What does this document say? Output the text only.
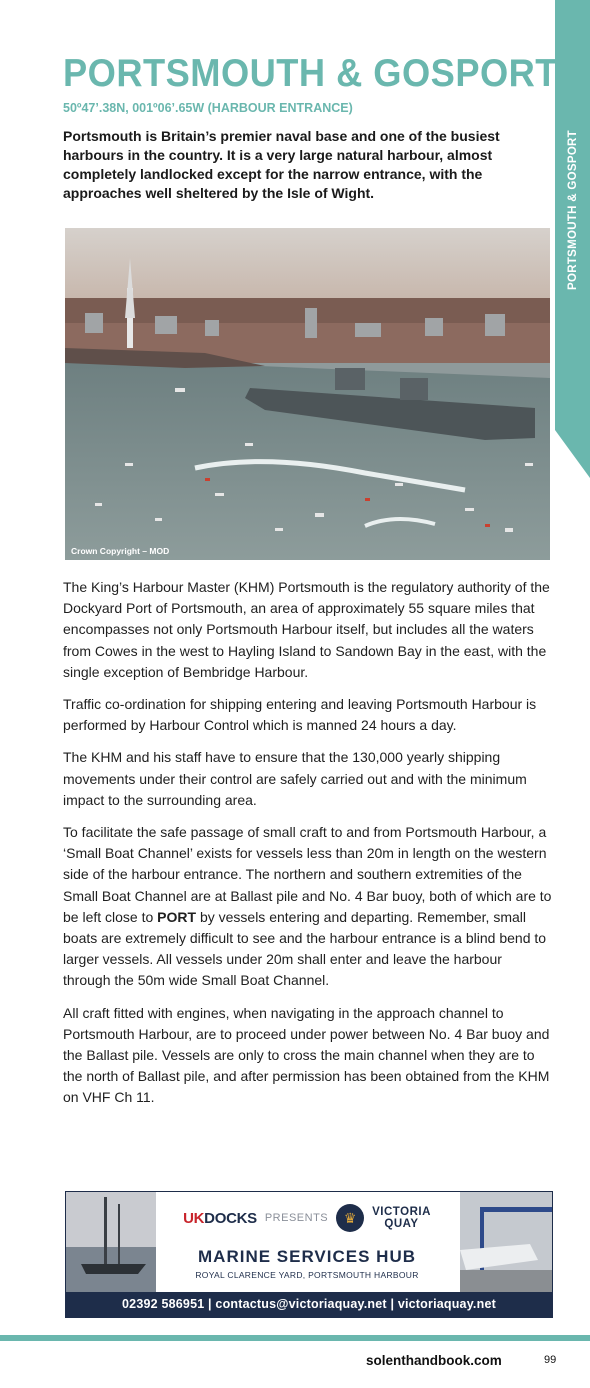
PORTSMOUTH & GOSPORT
PORTSMOUTH & GOSPORT

50º47’.38N, 001º06’.65W (HARBOUR ENTRANCE)

Portsmouth is Britain’s premier naval base and one of the busiest harbours in the country. It is a very large natural harbour, almost completely landlocked except for the narrow entrance, with the approaches well sheltered by the Isle of Wight.

Crown Copyright – MOD

The King’s Harbour Master (KHM) Portsmouth is the regulatory authority of the Dockyard Port of Portsmouth, an area of approximately 55 square miles that encompasses not only Portsmouth Harbour itself, but includes all the waters from Cowes in the west to Hayling Island to Sandown Bay in the east, with the single exception of Bembridge Harbour.

Traffic co-ordination for shipping entering and leaving Portsmouth Harbour is performed by Harbour Control which is manned 24 hours a day.

The KHM and his staff have to ensure that the 130,000 yearly shipping movements under their control are safely carried out and with the minimum impact to the surrounding area.

To facilitate the safe passage of small craft to and from Portsmouth Harbour, a ‘Small Boat Channel’ exists for vessels less than 20m in length on the western side of the harbour entrance. The northern and southern extremities of the Small Boat Channel are at Ballast pile and No. 4 Bar buoy, both of which are to be left close to PORT by vessels entering and departing. Remember, small boats are extremely difficult to see and the harbour entrance is a blind bend to larger vessels. All vessels under 20m shall enter and leave the harbour through the 50m wide Small Boat Channel.

All craft fitted with engines, when navigating in the approach channel to Portsmouth Harbour, are to proceed under power between No. 4 Bar buoy and the Ballast pile. Vessels are only to cross the main channel when they are to the north of Ballast pile, and after permission has been obtained from the KHM on VHF Ch 11.

UKDOCKS PRESENTS	♛	VICTORIA
QUAY
MARINE SERVICES HUB
ROYAL CLARENCE YARD, PORTSMOUTH HARBOUR
02392 586951 | contactus@victoriaquay.net | victoriaquay.net
solenthandbook.com	99
